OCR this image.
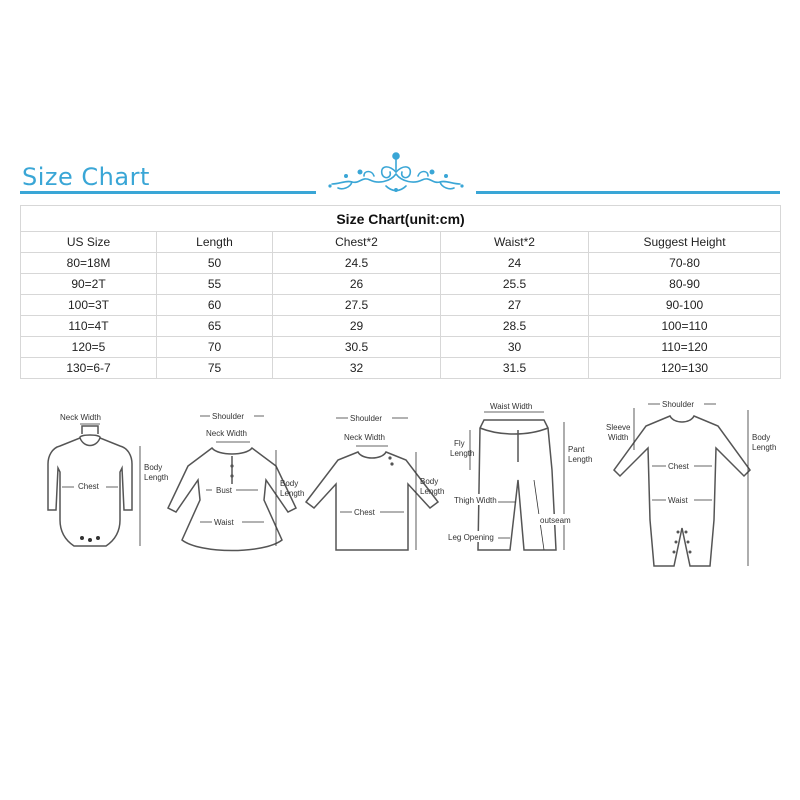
Size Chart
Size Chart(unit:cm)				
US Size	Length	Chest*2	Waist*2	Suggest Height
80=18M	50	24.5	24	70-80
90=2T	55	26	25.5	80-90
100=3T	60	27.5	27	90-100
110=4T	65	29	28.5	100=110
120=5	70	30.5	30	110=120
130=6-7	75	32	31.5	120=130
Neck Width
Chest
Body
Length
Shoulder
Neck Width
Bust
Waist
Body
Length
Shoulder
Neck Width
Chest
Body
Length
Waist Width
Fly
Length	Pant
Length
Thigh Width
outseam
Leg Opening
Shoulder
Sleeve
Width
Chest
Waist
Body
Length
